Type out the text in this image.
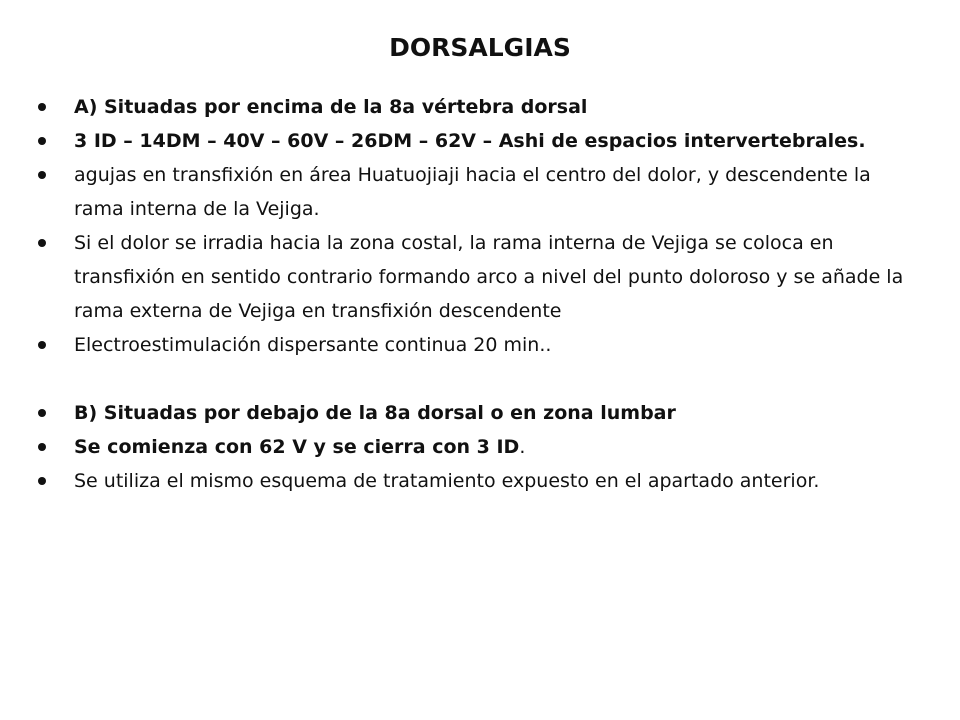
DORSALGIAS
A) Situadas por encima de la 8a vértebra dorsal
3 ID – 14DM – 40V – 60V – 26DM – 62V – Ashi de espacios intervertebrales.
agujas en transfixión en área Huatuojiaji hacia el centro del dolor, y descendente la rama interna de la Vejiga.
Si el dolor se irradia hacia la zona costal, la rama interna de Vejiga se coloca en transfixión en sentido contrario formando arco a nivel del punto doloroso y se añade la rama externa de Vejiga en transfixión descendente
Electroestimulación dispersante continua 20 min..
B) Situadas por debajo de la 8a dorsal o en zona lumbar
Se comienza con 62 V y se cierra con 3 ID.
Se utiliza el mismo esquema de tratamiento expuesto en el apartado anterior.
